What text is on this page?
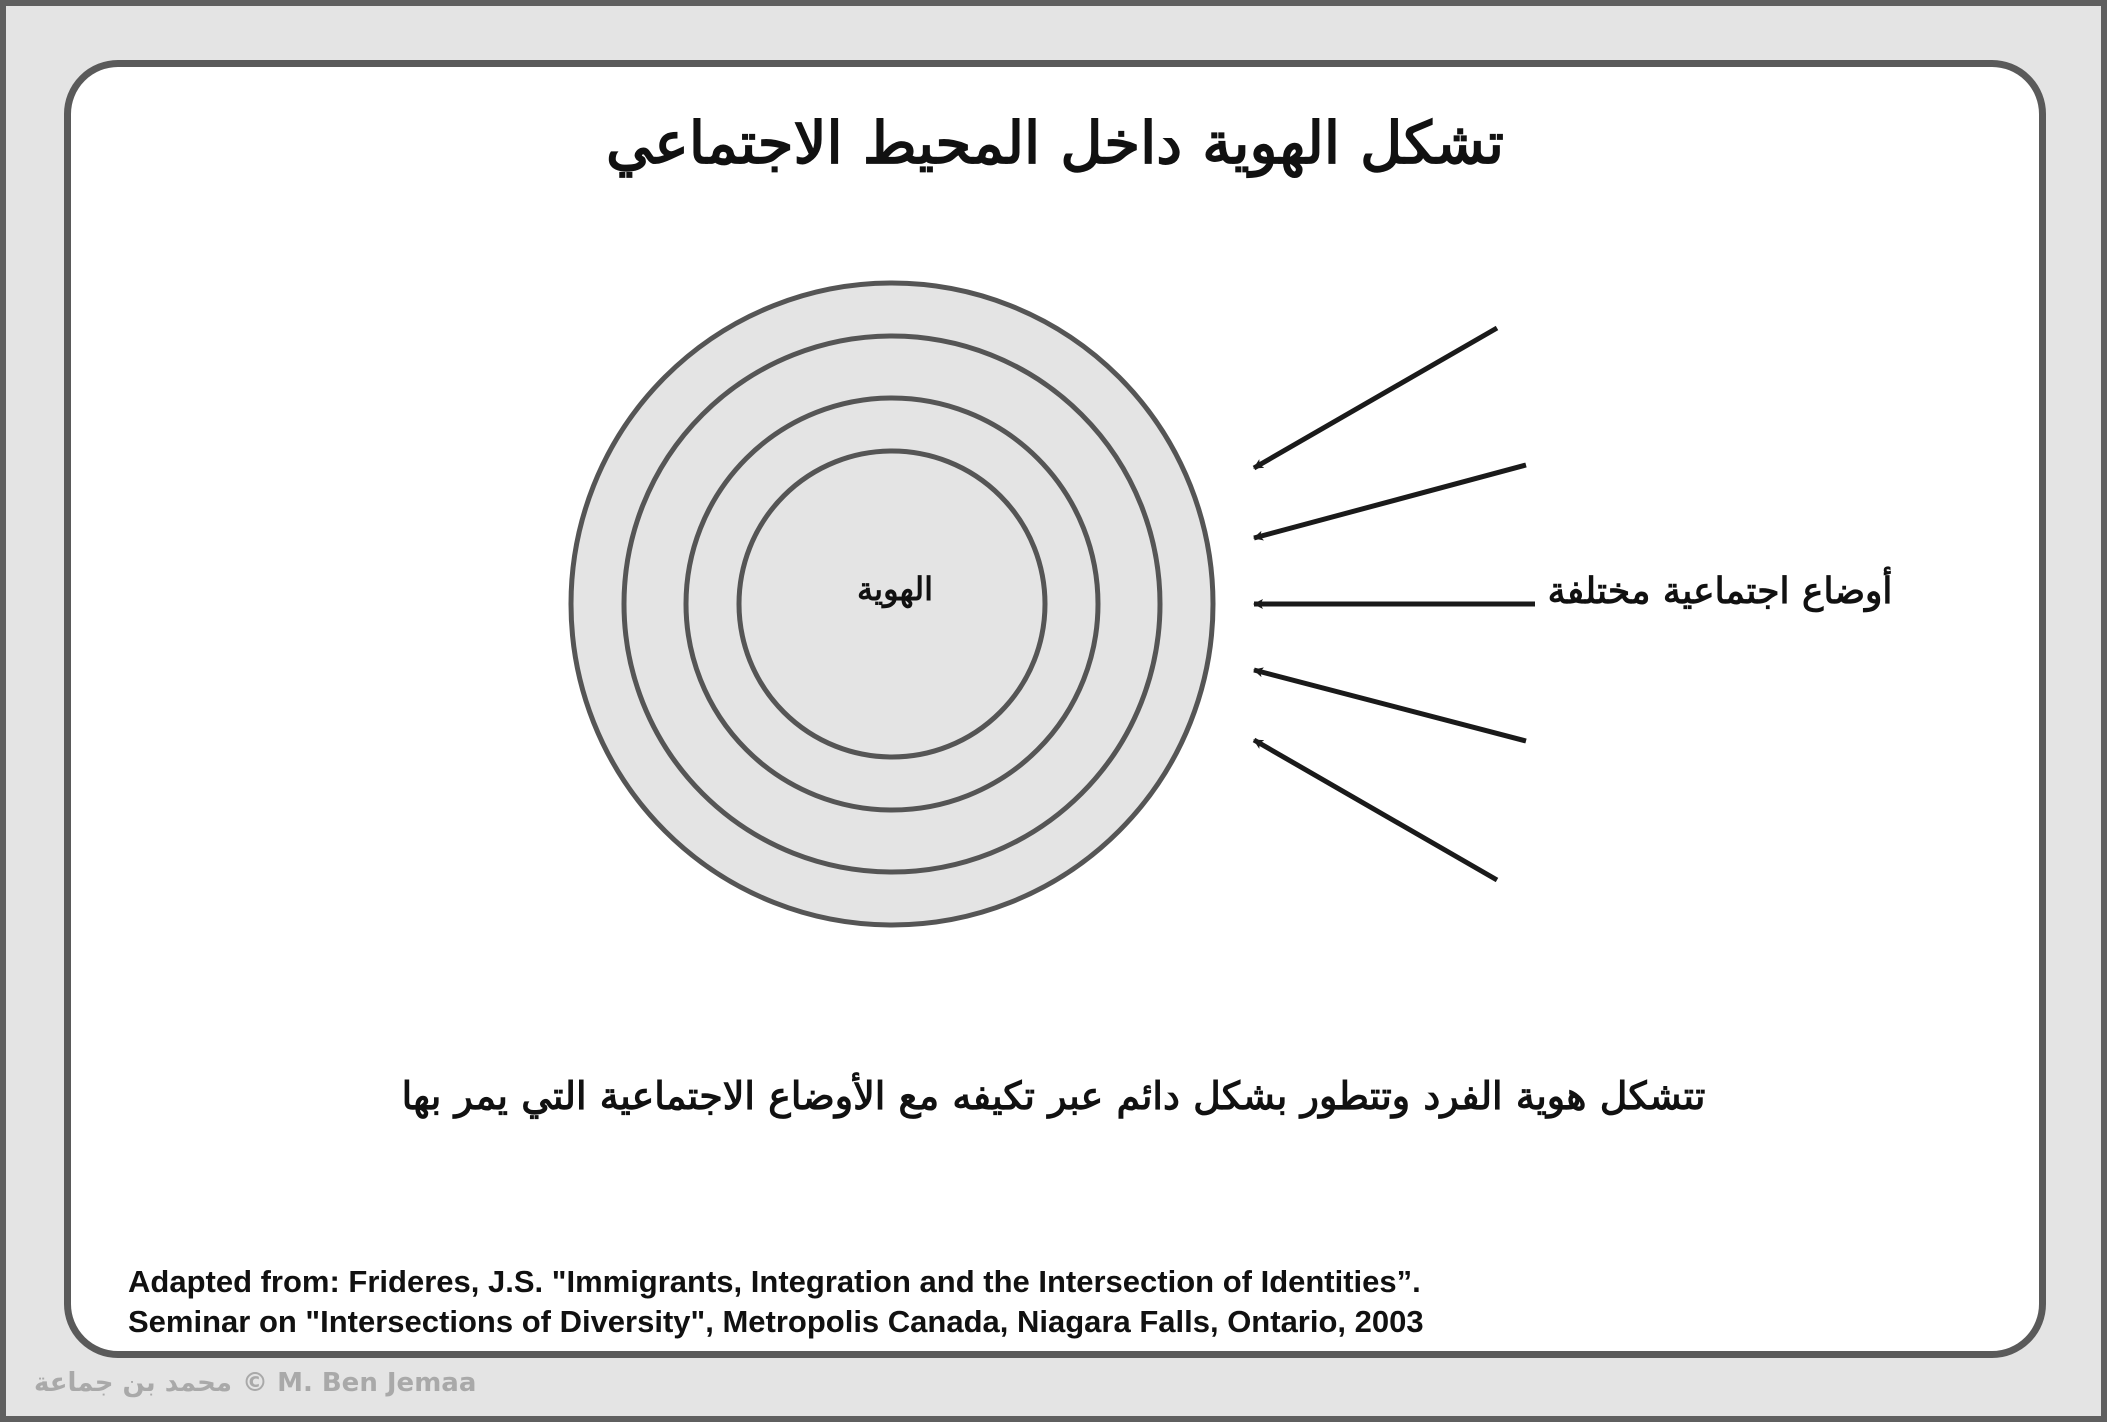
تشكل الهوية داخل المحيط الاجتماعي
الهوية	أوضاع اجتماعية مختلفة
تتشكل هوية الفرد وتتطور بشكل دائم عبر تكيفه مع الأوضاع الاجتماعية التي يمر بها
Adapted from: Frideres, J.S. "Immigrants, Integration and the Intersection of Identities”.
Seminar on "Intersections of Diversity", Metropolis Canada, Niagara Falls, Ontario, 2003
محمد بن جماعة © M. Ben Jemaa
